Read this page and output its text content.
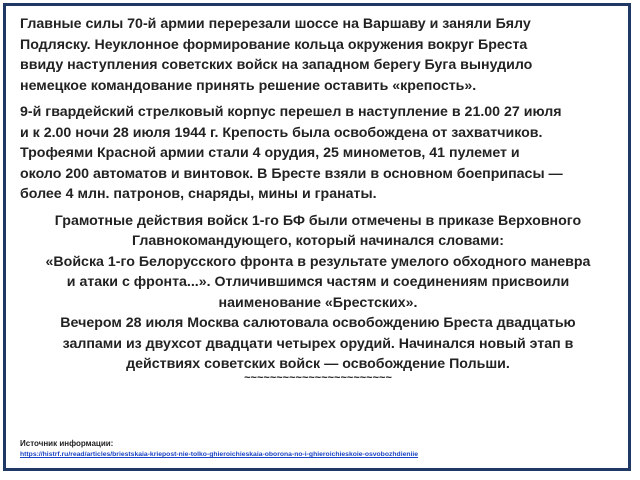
Главные силы 70-й армии перерезали шоссе на Варшаву и заняли Бялу
Подляску. Неуклонное формирование кольца окружения вокруг Бреста
ввиду наступления советских войск на западном берегу Буга вынудило
немецкое командование принять решение оставить «крепость».
9-й гвардейский стрелковый корпус перешел в наступление в 21.00 27 июля
и к 2.00 ночи 28 июля 1944 г. Крепость была освобождена от захватчиков.
Трофеями Красной армии стали 4 орудия, 25 минометов, 41 пулемет и
около 200 автоматов и винтовок. В Бресте взяли в основном боеприпасы —
более 4 млн. патронов, снаряды, мины и гранаты.
Грамотные действия войск 1-го БФ были отмечены в приказе Верховного
Главнокомандующего, который начинался словами:
«Войска 1-го Белорусского фронта в результате умелого обходного маневра
и атаки с фронта...». Отличившимся частям и соединениям присвоили
наименование «Брестских».
Вечером 28 июля Москва салютовала освобождению Бреста двадцатью
залпами из двухсот двадцати четырех орудий. Начинался новый этап в
действиях советских войск — освобождение Польши.
~~~~~~~~~~~~~~~~~~~~~~~
Источник информации:
https://histrf.ru/read/articles/briestskaia-kriepost-nie-tolko-ghieroichieskaia-oborona-no-i-ghieroichieskoie-osvobozhdieniie
